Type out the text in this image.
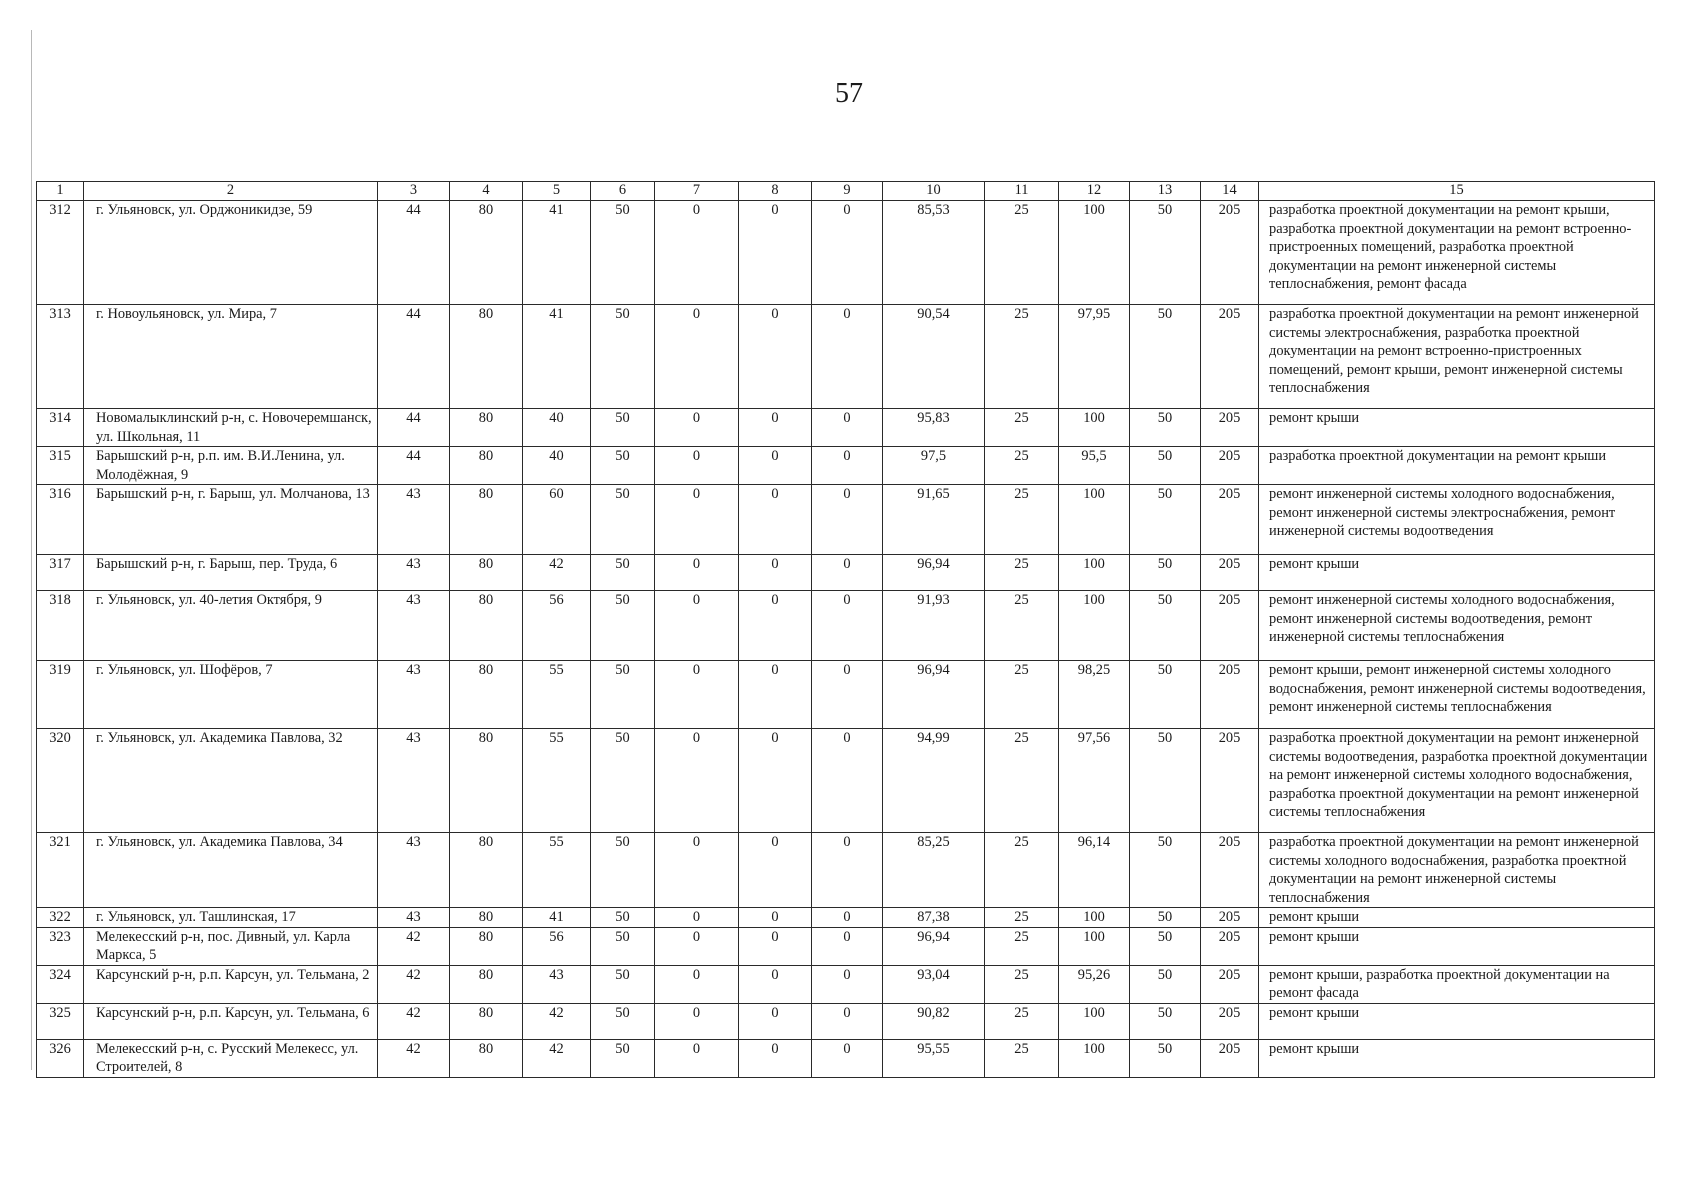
57
1	2	3	4	5	6	7	8	9	10	11	12	13	14	15
312	г. Ульяновск, ул. Орджоникидзе, 59	44	80	41	50	0	0	0	85,53	25	100	50	205	разработка проектной документации на ремонт крыши, разработка проектной документации на ремонт встроенно-пристроенных помещений, разработка проектной документации на ремонт инженерной системы теплоснабжения, ремонт фасада
313	г. Новоульяновск, ул. Мира, 7	44	80	41	50	0	0	0	90,54	25	97,95	50	205	разработка проектной документации на ремонт инженерной системы электроснабжения, разработка проектной документации на ремонт встроенно-пристроенных помещений, ремонт крыши, ремонт инженерной системы теплоснабжения
314	Новомалыклинский р-н, с. Новочеремшанск, ул. Школьная, 11	44	80	40	50	0	0	0	95,83	25	100	50	205	ремонт крыши
315	Барышский р-н, р.п. им. В.И.Ленина, ул. Молодёжная, 9	44	80	40	50	0	0	0	97,5	25	95,5	50	205	разработка проектной документации на ремонт крыши
316	Барышский р-н, г. Барыш, ул. Молчанова, 13	43	80	60	50	0	0	0	91,65	25	100	50	205	ремонт инженерной системы холодного водоснабжения, ремонт инженерной системы электроснабжения, ремонт инженерной системы водоотведения
317	Барышский р-н, г. Барыш, пер. Труда, 6	43	80	42	50	0	0	0	96,94	25	100	50	205	ремонт крыши
318	г. Ульяновск, ул. 40-летия Октября, 9	43	80	56	50	0	0	0	91,93	25	100	50	205	ремонт инженерной системы холодного водоснабжения, ремонт инженерной системы водоотведения, ремонт инженерной системы теплоснабжения
319	г. Ульяновск, ул. Шофёров, 7	43	80	55	50	0	0	0	96,94	25	98,25	50	205	ремонт крыши, ремонт инженерной системы холодного водоснабжения, ремонт инженерной системы водоотведения, ремонт инженерной системы теплоснабжения
320	г. Ульяновск, ул. Академика Павлова, 32	43	80	55	50	0	0	0	94,99	25	97,56	50	205	разработка проектной документации на ремонт инженерной системы водоотведения, разработка проектной документации на ремонт инженерной системы холодного водоснабжения, разработка проектной документации на ремонт инженерной системы теплоснабжения
321	г. Ульяновск, ул. Академика Павлова, 34	43	80	55	50	0	0	0	85,25	25	96,14	50	205	разработка проектной документации на ремонт инженерной системы холодного водоснабжения, разработка проектной документации на ремонт инженерной системы теплоснабжения
322	г. Ульяновск, ул. Ташлинская, 17	43	80	41	50	0	0	0	87,38	25	100	50	205	ремонт крыши
323	Мелекесский р-н, пос. Дивный, ул. Карла Маркса, 5	42	80	56	50	0	0	0	96,94	25	100	50	205	ремонт крыши
324	Карсунский р-н, р.п. Карсун, ул. Тельмана, 2	42	80	43	50	0	0	0	93,04	25	95,26	50	205	ремонт крыши, разработка проектной документации на ремонт фасада
325	Карсунский р-н, р.п. Карсун, ул. Тельмана, 6	42	80	42	50	0	0	0	90,82	25	100	50	205	ремонт крыши
326	Мелекесский р-н, с. Русский Мелекесс, ул. Строителей, 8	42	80	42	50	0	0	0	95,55	25	100	50	205	ремонт крыши
